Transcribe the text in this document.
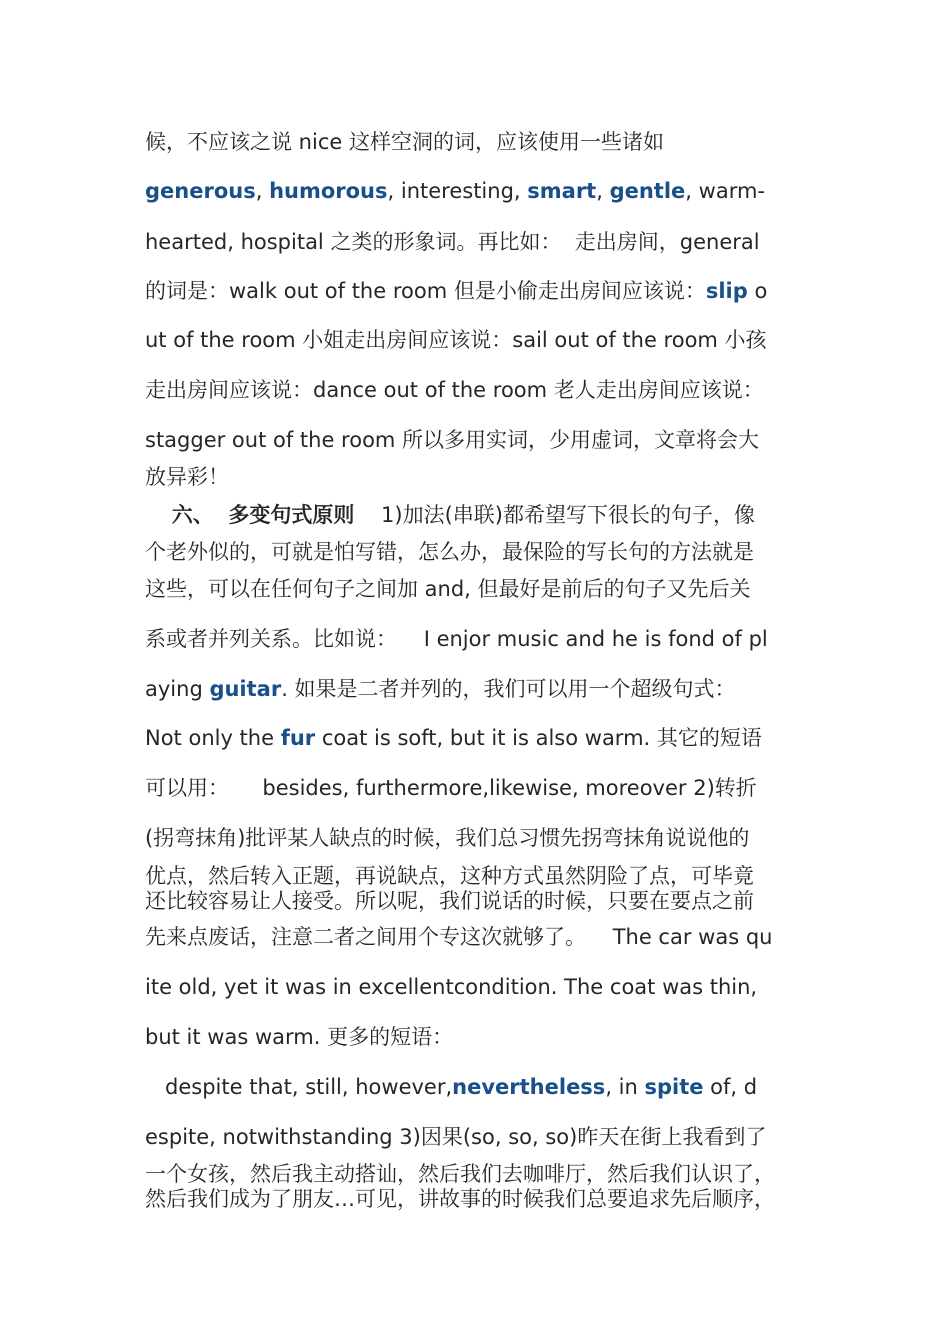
候，不应该之说 nice 这样空洞的词，应该使用一些诸如
generous, humorous, interesting, smart, gentle, warm-
hearted, hospital 之类的形象词。再比如：  走出房间，general
的词是：walk out of the room 但是小偷走出房间应该说：slip o
ut of the room 小姐走出房间应该说：sail out of the room 小孩
走出房间应该说：dance out of the room 老人走出房间应该说：
stagger out of the room 所以多用实词，少用虚词，文章将会大
放异彩！
六、  多变句式原则    1)加法(串联)都希望写下很长的句子，像
个老外似的，可就是怕写错，怎么办，最保险的写长句的方法就是
这些，可以在任何句子之间加 and, 但最好是前后的句子又先后关
系或者并列关系。比如说：    I enjor music and he is fond of pl
aying guitar. 如果是二者并列的，我们可以用一个超级句式：
Not only the fur coat is soft, but it is also warm. 其它的短语
可以用：     besides, furthermore,likewise, moreover 2)转折
(拐弯抹角)批评某人缺点的时候，我们总习惯先拐弯抹角说说他的
优点，然后转入正题，再说缺点，这种方式虽然阴险了点，可毕竟
还比较容易让人接受。所以呢，我们说话的时候，只要在要点之前
先来点废话，注意二者之间用个专这次就够了。    The car was qu
ite old, yet it was in excellentcondition. The coat was thin,
but it was warm. 更多的短语：
despite that, still, however,nevertheless, in spite of, d
espite, notwithstanding 3)因果(so, so, so)昨天在街上我看到了
一个女孩，然后我主动搭讪，然后我们去咖啡厅，然后我们认识了，
然后我们成为了朋友…可见，讲故事的时候我们总要追求先后顺序，
